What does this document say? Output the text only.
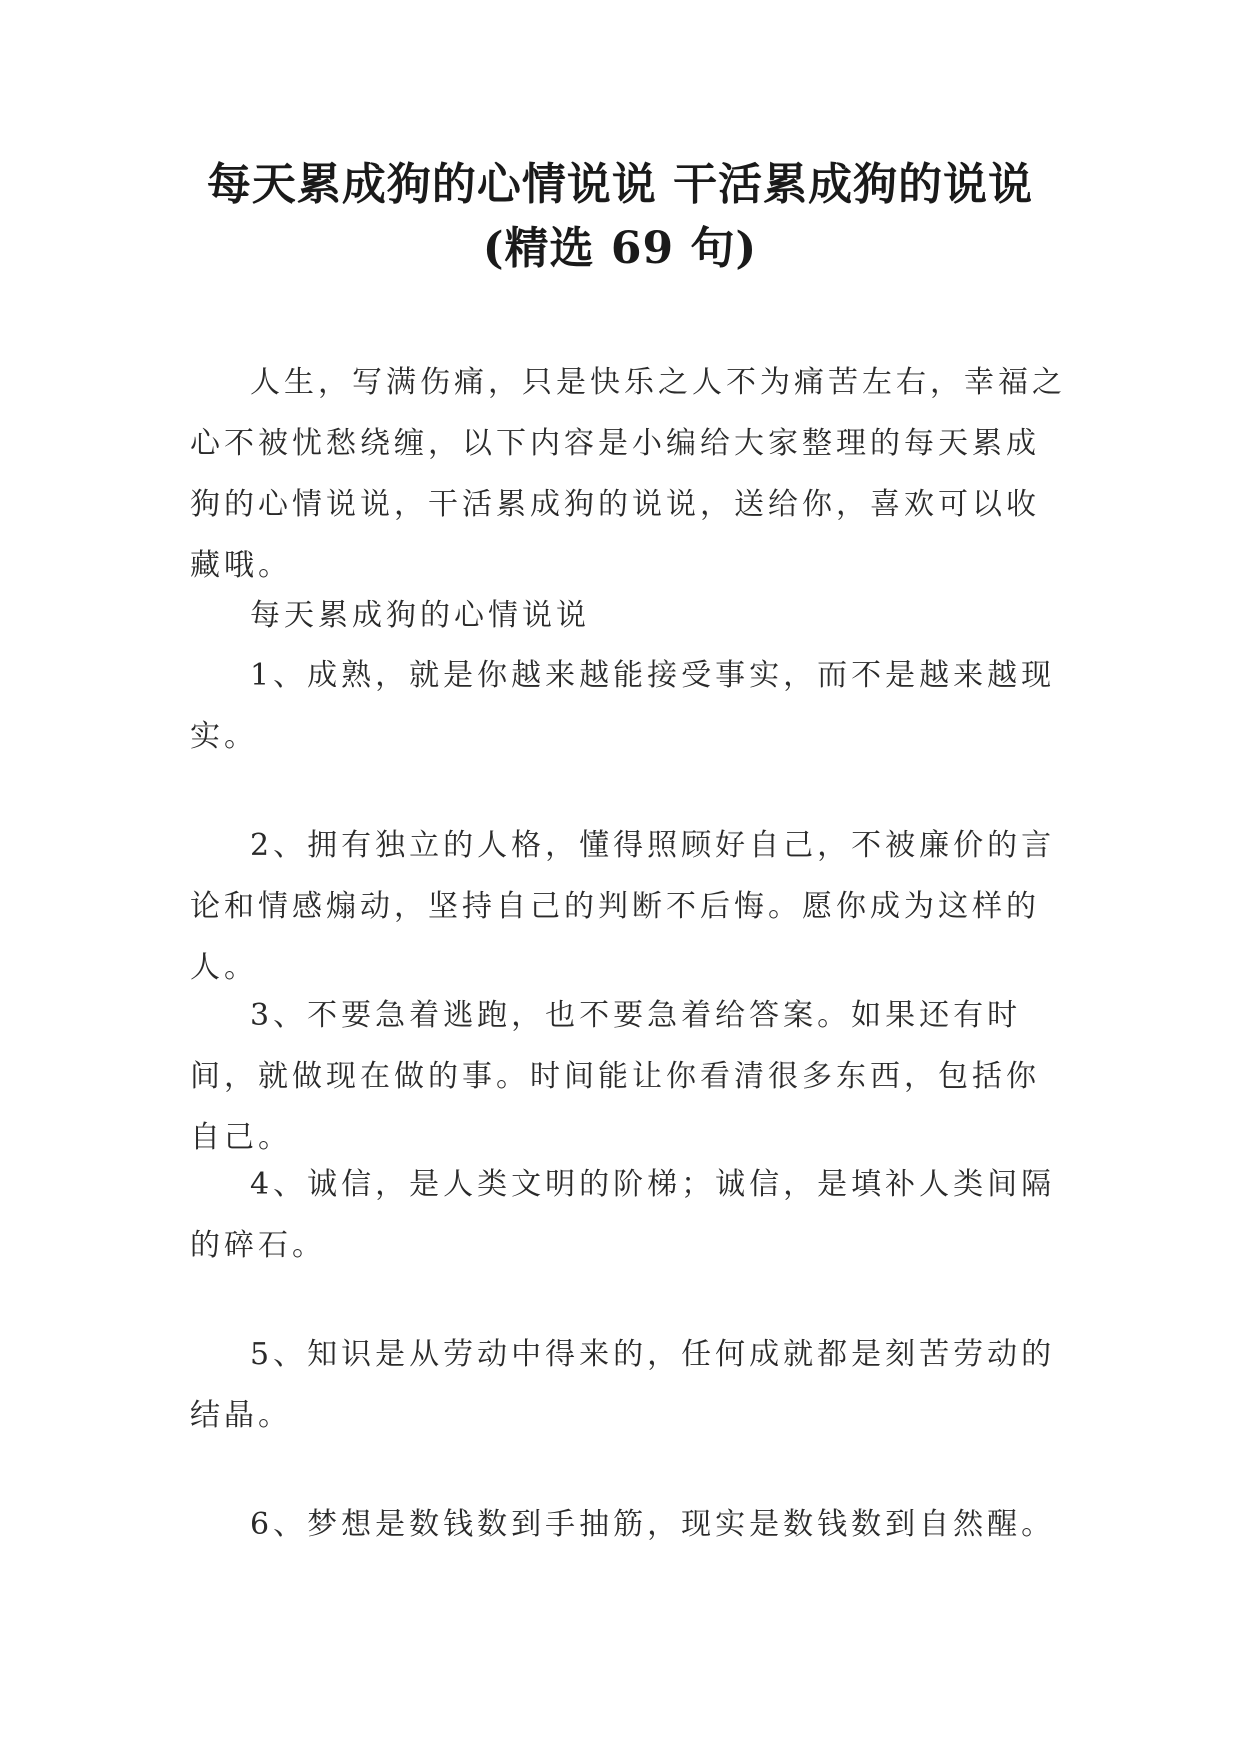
每天累成狗的心情说说 干活累成狗的说说
(精选 69 句)

人生，写满伤痛，只是快乐之人不为痛苦左右，幸福之心不被忧愁绕缠，以下内容是小编给大家整理的每天累成狗的心情说说，干活累成狗的说说，送给你，喜欢可以收藏哦。

每天累成狗的心情说说

1、成熟，就是你越来越能接受事实，而不是越来越现实。

2、拥有独立的人格，懂得照顾好自己，不被廉价的言论和情感煽动，坚持自己的判断不后悔。愿你成为这样的人。

3、不要急着逃跑，也不要急着给答案。如果还有时间，就做现在做的事。时间能让你看清很多东西，包括你自己。

4、诚信，是人类文明的阶梯；诚信，是填补人类间隔的碎石。

5、知识是从劳动中得来的，任何成就都是刻苦劳动的结晶。

6、梦想是数钱数到手抽筋，现实是数钱数到自然醒。
